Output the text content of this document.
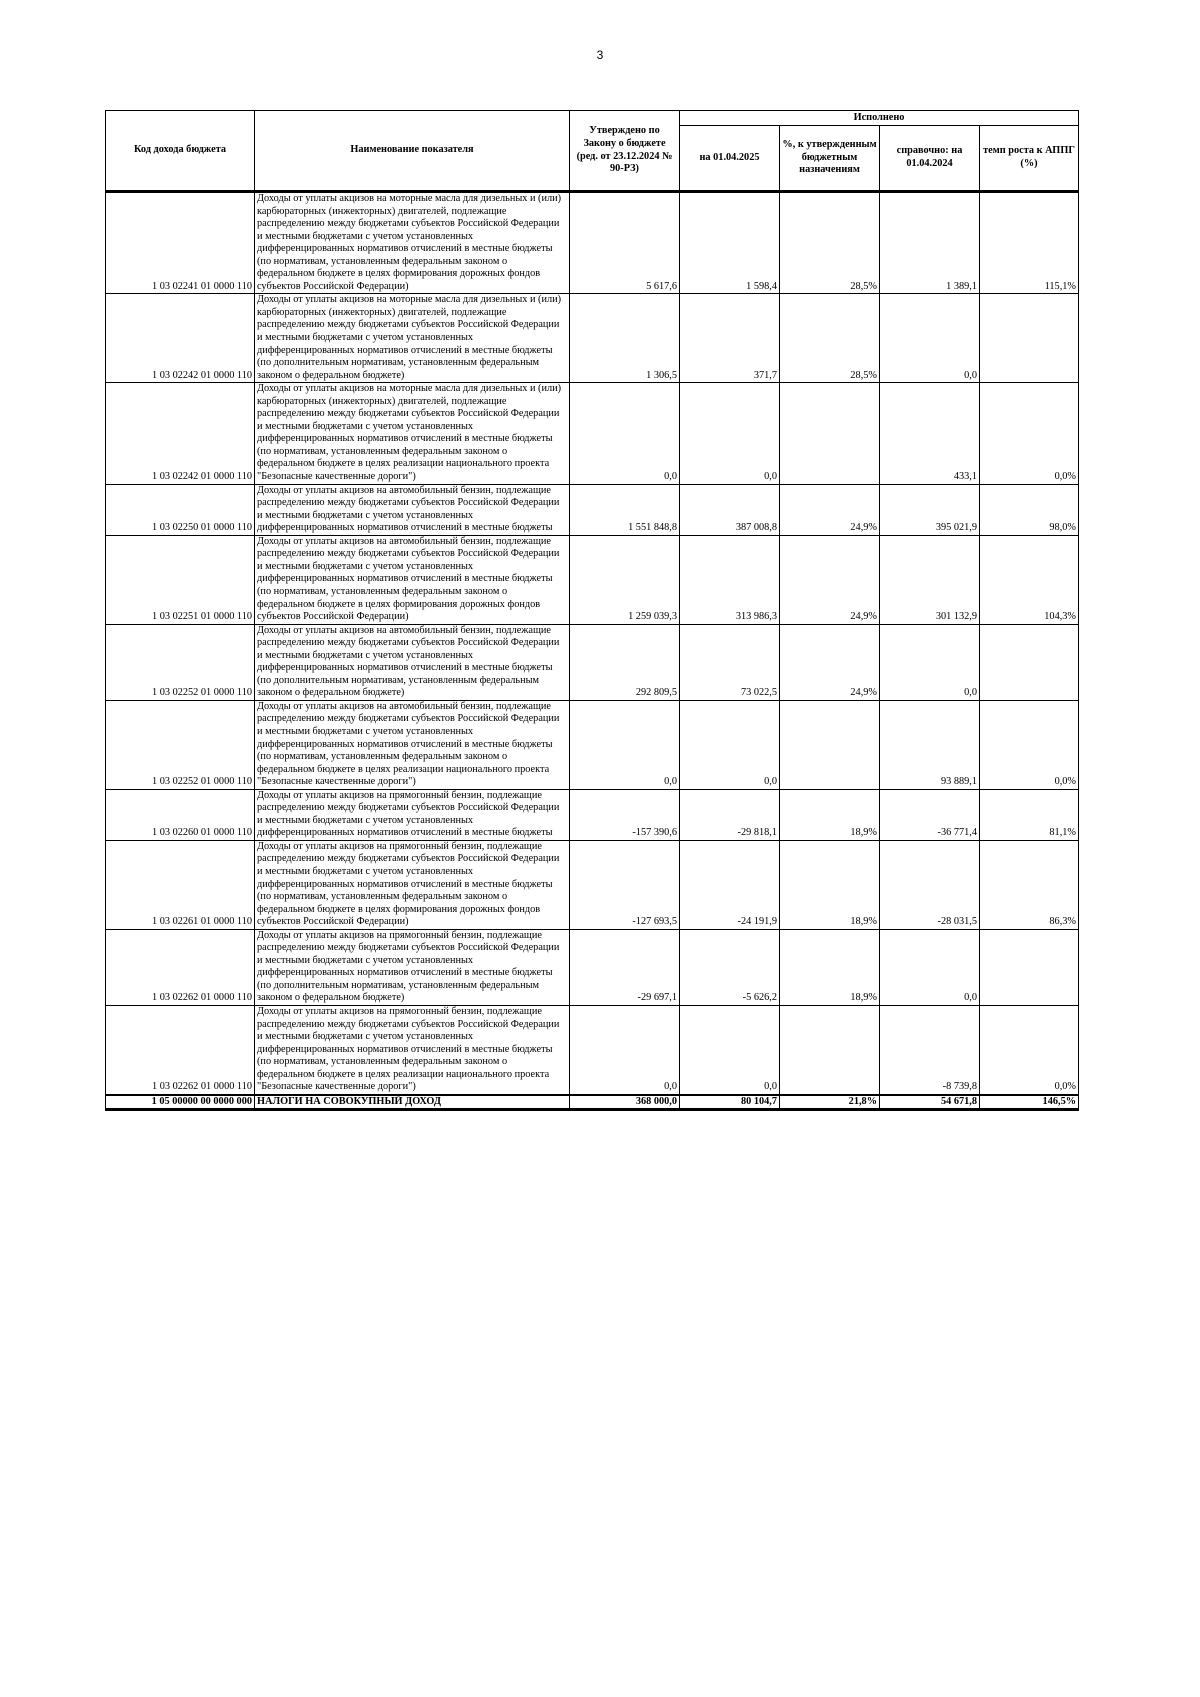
3
Код дохода бюджета	Наименование показателя	Утверждено по Закону о бюджете (ред. от 23.12.2024 № 90-РЗ)	Исполнено			
			на 01.04.2025	%, к утвержденным бюджетным назначениям	справочно: на 01.04.2024	темп роста к АППГ (%)
1 03 02241 01 0000 110	Доходы от уплаты акцизов на моторные масла для дизельных и (или) карбюраторных (инжекторных) двигателей, подлежащие распределению между бюджетами субъектов Российской Федерации и местными бюджетами с учетом установленных дифференцированных нормативов отчислений в местные бюджеты (по нормативам, установленным федеральным законом о федеральном бюджете в целях формирования дорожных фондов субъектов Российской Федерации)	5 617,6	1 598,4	28,5%	1 389,1	115,1%
1 03 02242 01 0000 110	Доходы от уплаты акцизов на моторные масла для дизельных и (или) карбюраторных (инжекторных) двигателей, подлежащие распределению между бюджетами субъектов Российской Федерации и местными бюджетами с учетом установленных дифференцированных нормативов отчислений в местные бюджеты (по дополнительным нормативам, установленным федеральным законом о федеральном бюджете)	1 306,5	371,7	28,5%	0,0	
1 03 02242 01 0000 110	Доходы от уплаты акцизов на моторные масла для дизельных и (или) карбюраторных (инжекторных) двигателей, подлежащие распределению между бюджетами субъектов Российской Федерации и местными бюджетами с учетом установленных дифференцированных нормативов отчислений в местные бюджеты (по нормативам, установленным федеральным законом о федеральном бюджете в целях реализации национального проекта "Безопасные качественные дороги")	0,0	0,0		433,1	0,0%
1 03 02250 01 0000 110	Доходы от уплаты акцизов на автомобильный бензин, подлежащие распределению между бюджетами субъектов Российской Федерации и местными бюджетами с учетом установленных дифференцированных нормативов отчислений в местные бюджеты	1 551 848,8	387 008,8	24,9%	395 021,9	98,0%
1 03 02251 01 0000 110	Доходы от уплаты акцизов на автомобильный бензин, подлежащие распределению между бюджетами субъектов Российской Федерации и местными бюджетами с учетом установленных дифференцированных нормативов отчислений в местные бюджеты (по нормативам, установленным федеральным законом о федеральном бюджете в целях формирования дорожных фондов субъектов Российской Федерации)	1 259 039,3	313 986,3	24,9%	301 132,9	104,3%
1 03 02252 01 0000 110	Доходы от уплаты акцизов на автомобильный бензин, подлежащие распределению между бюджетами субъектов Российской Федерации и местными бюджетами с учетом установленных дифференцированных нормативов отчислений в местные бюджеты (по дополнительным нормативам, установленным федеральным законом о федеральном бюджете)	292 809,5	73 022,5	24,9%	0,0	
1 03 02252 01 0000 110	Доходы от уплаты акцизов на автомобильный бензин, подлежащие распределению между бюджетами субъектов Российской Федерации и местными бюджетами с учетом установленных дифференцированных нормативов отчислений в местные бюджеты (по нормативам, установленным федеральным законом о федеральном бюджете в целях реализации национального проекта "Безопасные качественные дороги")	0,0	0,0		93 889,1	0,0%
1 03 02260 01 0000 110	Доходы от уплаты акцизов на прямогонный бензин, подлежащие распределению между бюджетами субъектов Российской Федерации и местными бюджетами с учетом установленных дифференцированных нормативов отчислений в местные бюджеты	-157 390,6	-29 818,1	18,9%	-36 771,4	81,1%
1 03 02261 01 0000 110	Доходы от уплаты акцизов на прямогонный бензин, подлежащие распределению между бюджетами субъектов Российской Федерации и местными бюджетами с учетом установленных дифференцированных нормативов отчислений в местные бюджеты (по нормативам, установленным федеральным законом о федеральном бюджете в целях формирования дорожных фондов субъектов Российской Федерации)	-127 693,5	-24 191,9	18,9%	-28 031,5	86,3%
1 03 02262 01 0000 110	Доходы от уплаты акцизов на прямогонный бензин, подлежащие распределению между бюджетами субъектов Российской Федерации и местными бюджетами с учетом установленных дифференцированных нормативов отчислений в местные бюджеты (по дополнительным нормативам, установленным федеральным законом о федеральном бюджете)	-29 697,1	-5 626,2	18,9%	0,0	
1 03 02262 01 0000 110	Доходы от уплаты акцизов на прямогонный бензин, подлежащие распределению между бюджетами субъектов Российской Федерации и местными бюджетами с учетом установленных дифференцированных нормативов отчислений в местные бюджеты (по нормативам, установленным федеральным законом о федеральном бюджете в целях реализации национального проекта "Безопасные качественные дороги")	0,0	0,0		-8 739,8	0,0%
1 05 00000 00 0000 000	НАЛОГИ НА СОВОКУПНЫЙ ДОХОД	368 000,0	80 104,7	21,8%	54 671,8	146,5%
